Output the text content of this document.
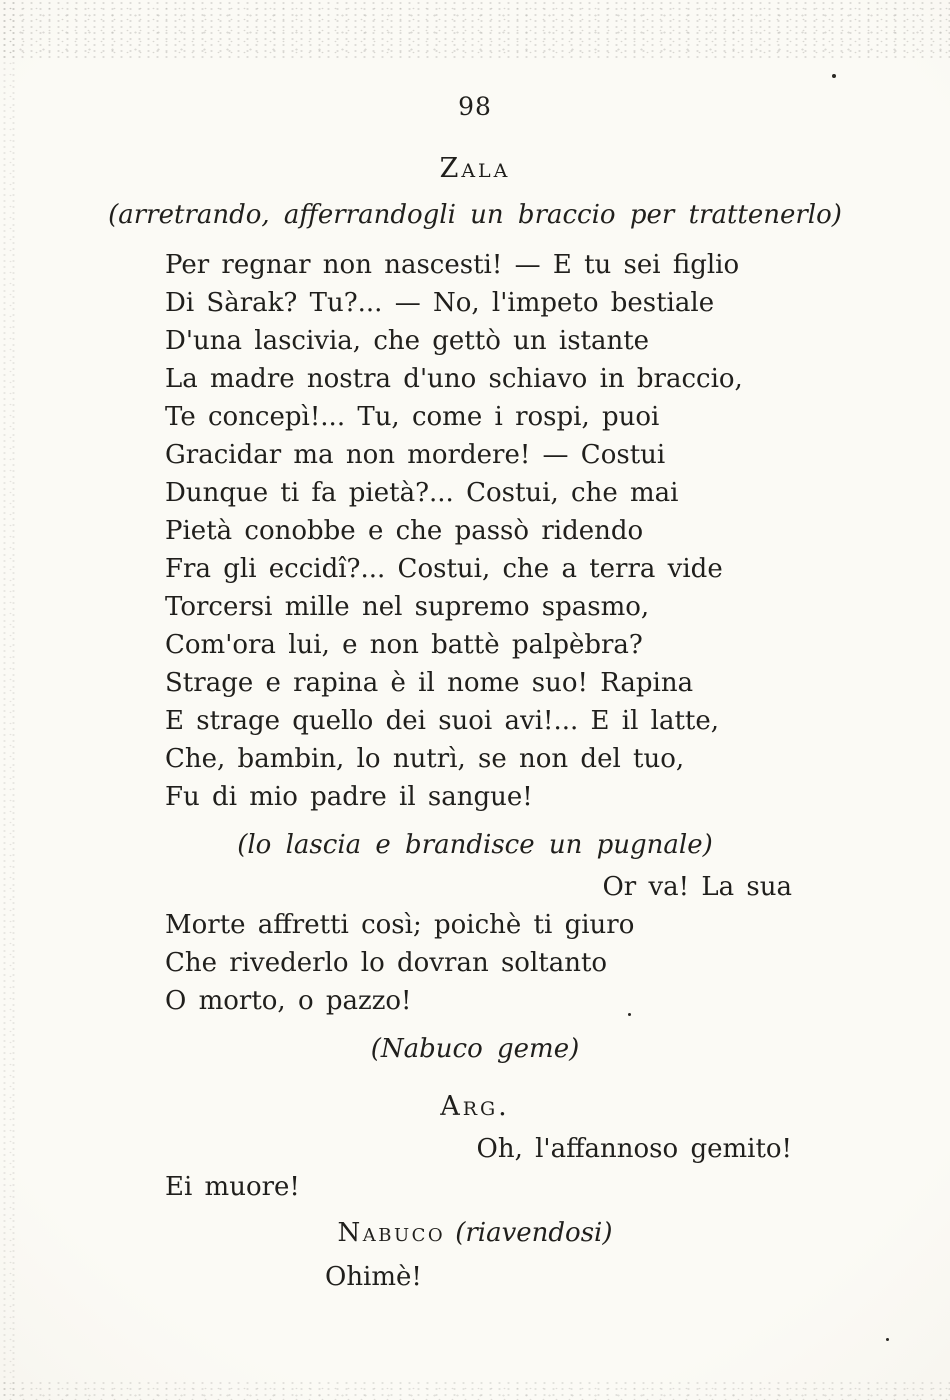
98
Zala
(arretrando, afferrandogli un braccio per trattenerlo)
Per regnar non nascesti! — E tu sei figlio
Di Sàrak? Tu?... — No, l'impeto bestiale
D'una lascivia, che gettò un istante
La madre nostra d'uno schiavo in braccio,
Te concepì!... Tu, come i rospi, puoi
Gracidar ma non mordere! — Costui
Dunque ti fa pietà?... Costui, che mai
Pietà conobbe e che passò ridendo
Fra gli eccidî?... Costui, che a terra vide
Torcersi mille nel supremo spasmo,
Com'ora lui, e non battè palpèbra?
Strage e rapina è il nome suo! Rapina
E strage quello dei suoi avi!... E il latte,
Che, bambin, lo nutrì, se non del tuo,
Fu di mio padre il sangue!
(lo lascia e brandisce un pugnale)
Or va! La sua
Morte affretti così; poichè ti giuro
Che rivederlo lo dovran soltanto
O morto, o pazzo!
(Nabuco geme)
Arg.
Oh, l'affannoso gemito!
Ei muore!
Nabuco (riavendosi)
Ohimè!
